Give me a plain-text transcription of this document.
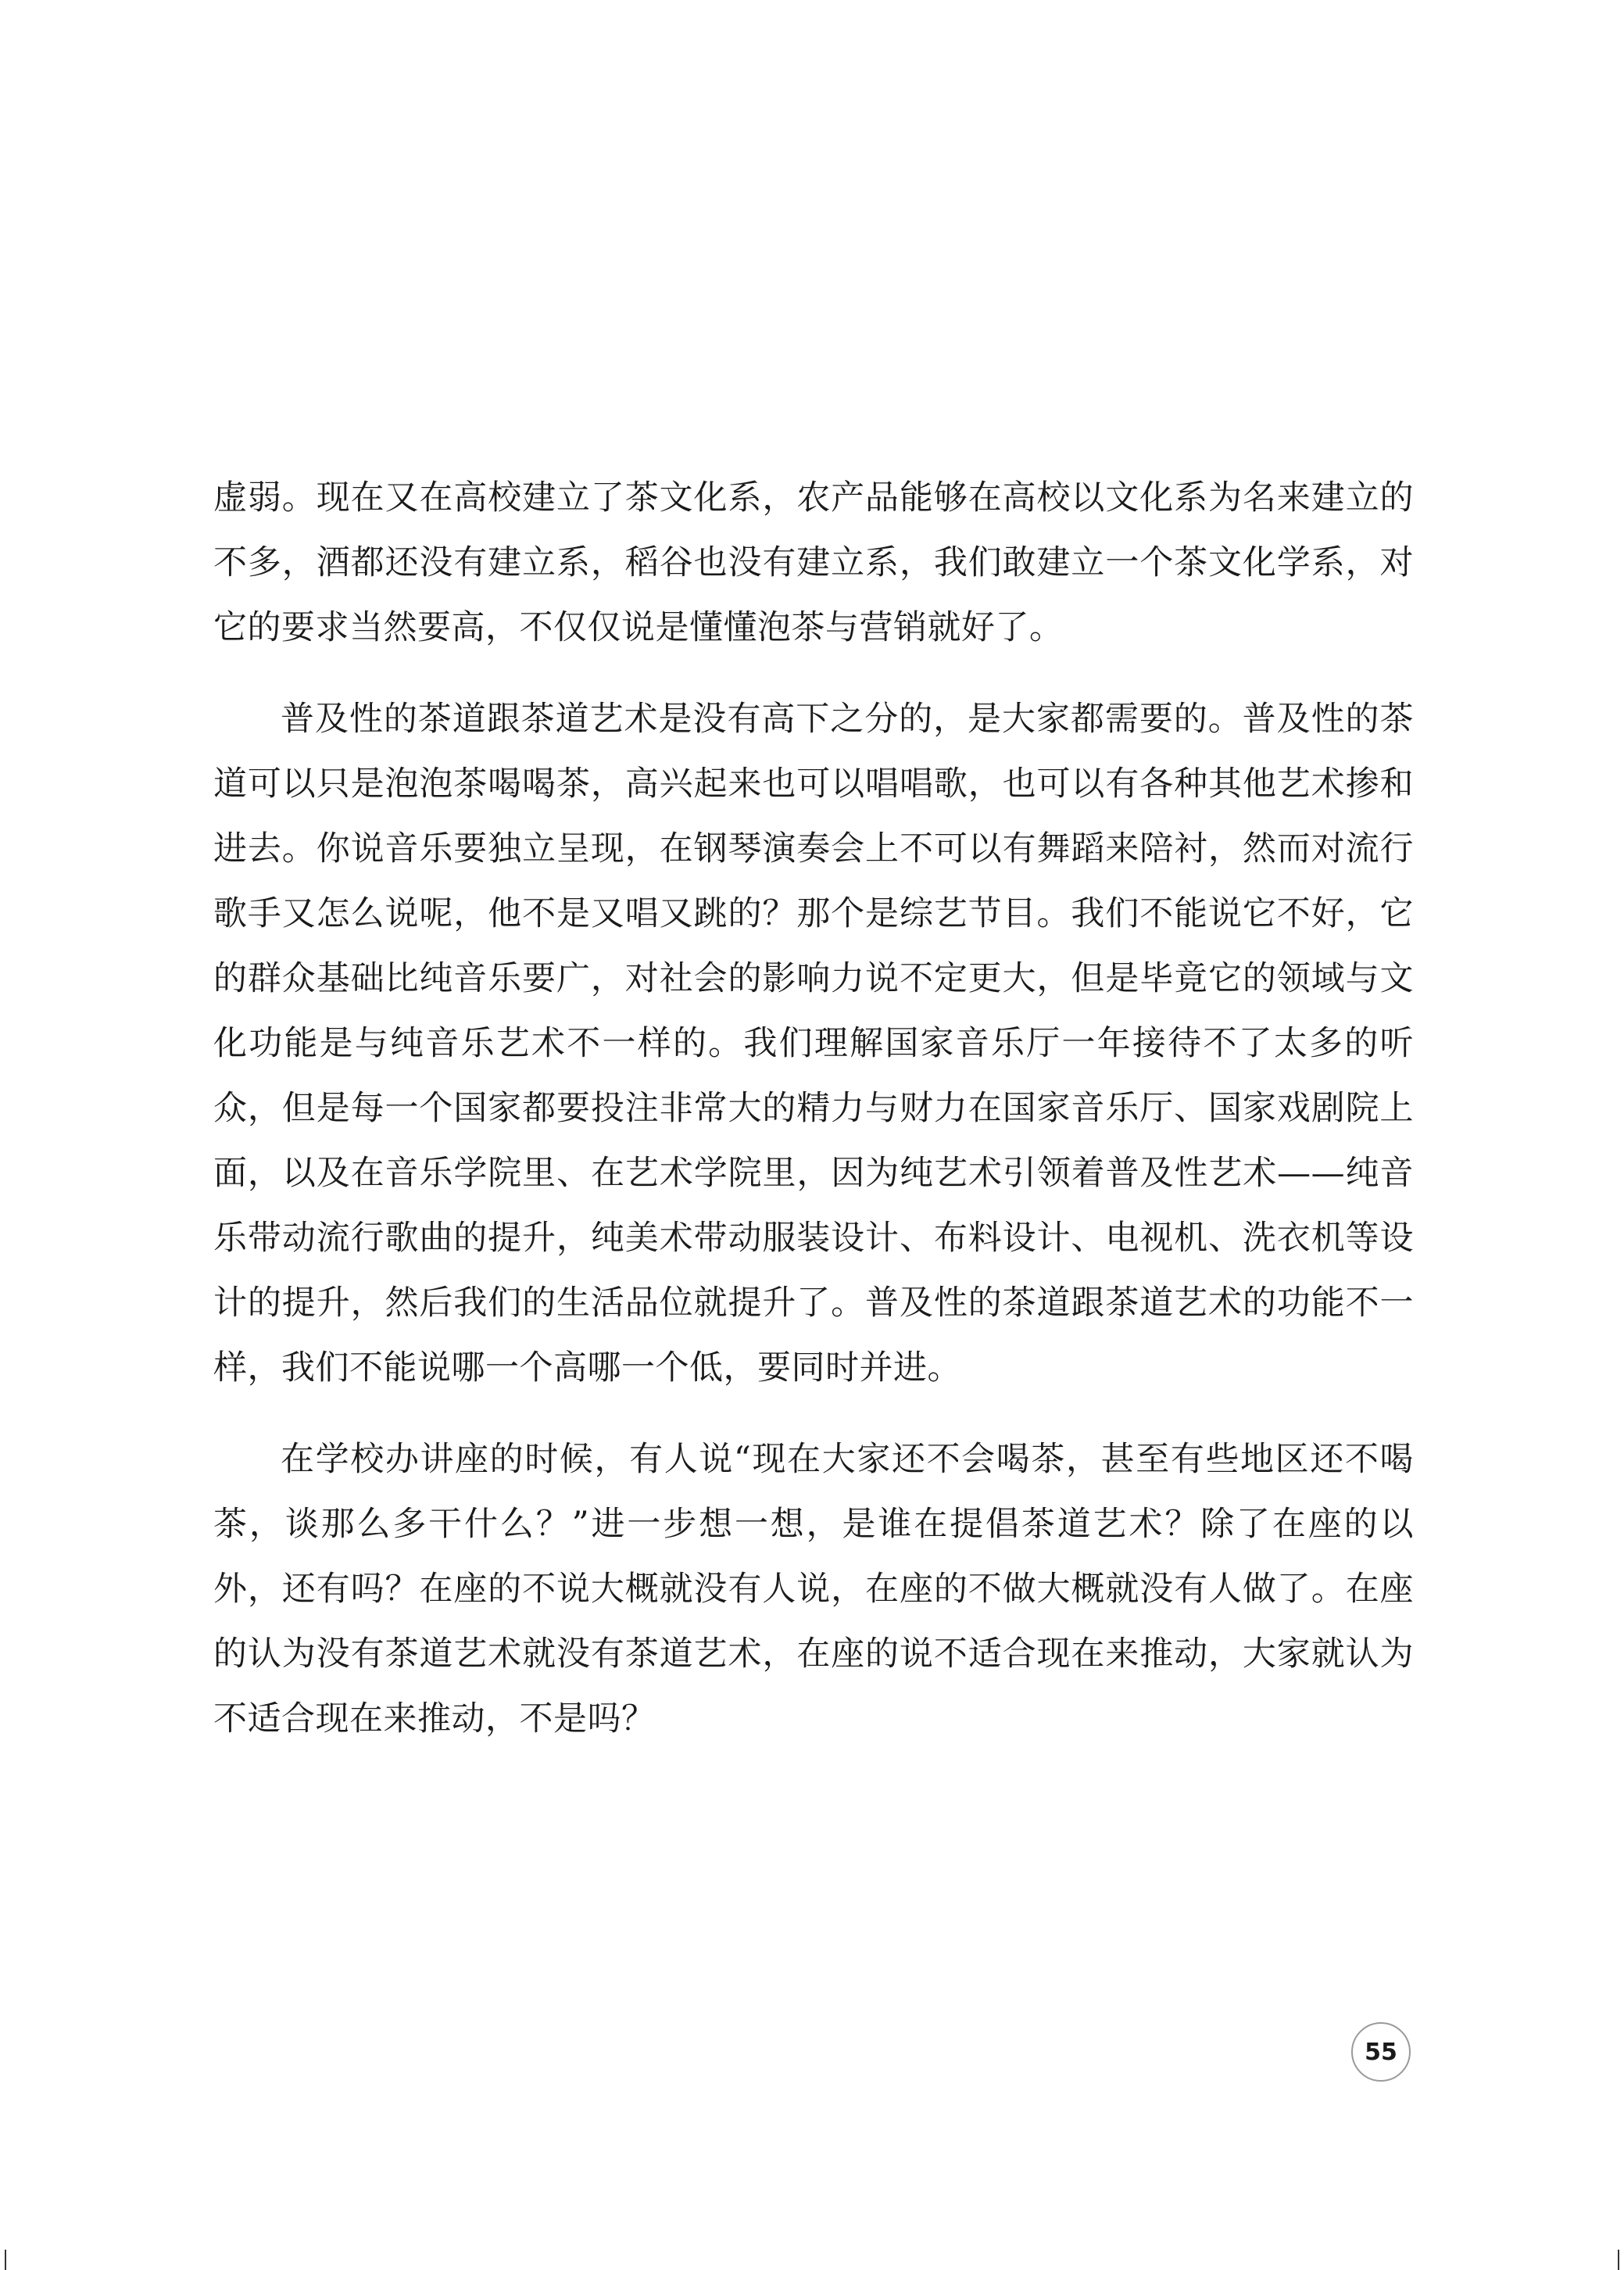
虚弱。现在又在高校建立了茶文化系，农产品能够在高校以文化系为名来建立的不多，酒都还没有建立系，稻谷也没有建立系，我们敢建立一个茶文化学系，对它的要求当然要高，不仅仅说是懂懂泡茶与营销就好了。

普及性的茶道跟茶道艺术是没有高下之分的，是大家都需要的。普及性的茶道可以只是泡泡茶喝喝茶，高兴起来也可以唱唱歌，也可以有各种其他艺术掺和进去。你说音乐要独立呈现，在钢琴演奏会上不可以有舞蹈来陪衬，然而对流行歌手又怎么说呢，他不是又唱又跳的？那个是综艺节目。我们不能说它不好，它的群众基础比纯音乐要广，对社会的影响力说不定更大，但是毕竟它的领域与文化功能是与纯音乐艺术不一样的。我们理解国家音乐厅一年接待不了太多的听众，但是每一个国家都要投注非常大的精力与财力在国家音乐厅、国家戏剧院上面，以及在音乐学院里、在艺术学院里，因为纯艺术引领着普及性艺术——纯音乐带动流行歌曲的提升，纯美术带动服装设计、布料设计、电视机、洗衣机等设计的提升，然后我们的生活品位就提升了。普及性的茶道跟茶道艺术的功能不一样，我们不能说哪一个高哪一个低，要同时并进。

在学校办讲座的时候，有人说“现在大家还不会喝茶，甚至有些地区还不喝茶，谈那么多干什么？”进一步想一想，是谁在提倡茶道艺术？除了在座的以外，还有吗？在座的不说大概就没有人说，在座的不做大概就没有人做了。在座的认为没有茶道艺术就没有茶道艺术，在座的说不适合现在来推动，大家就认为不适合现在来推动，不是吗？

55
